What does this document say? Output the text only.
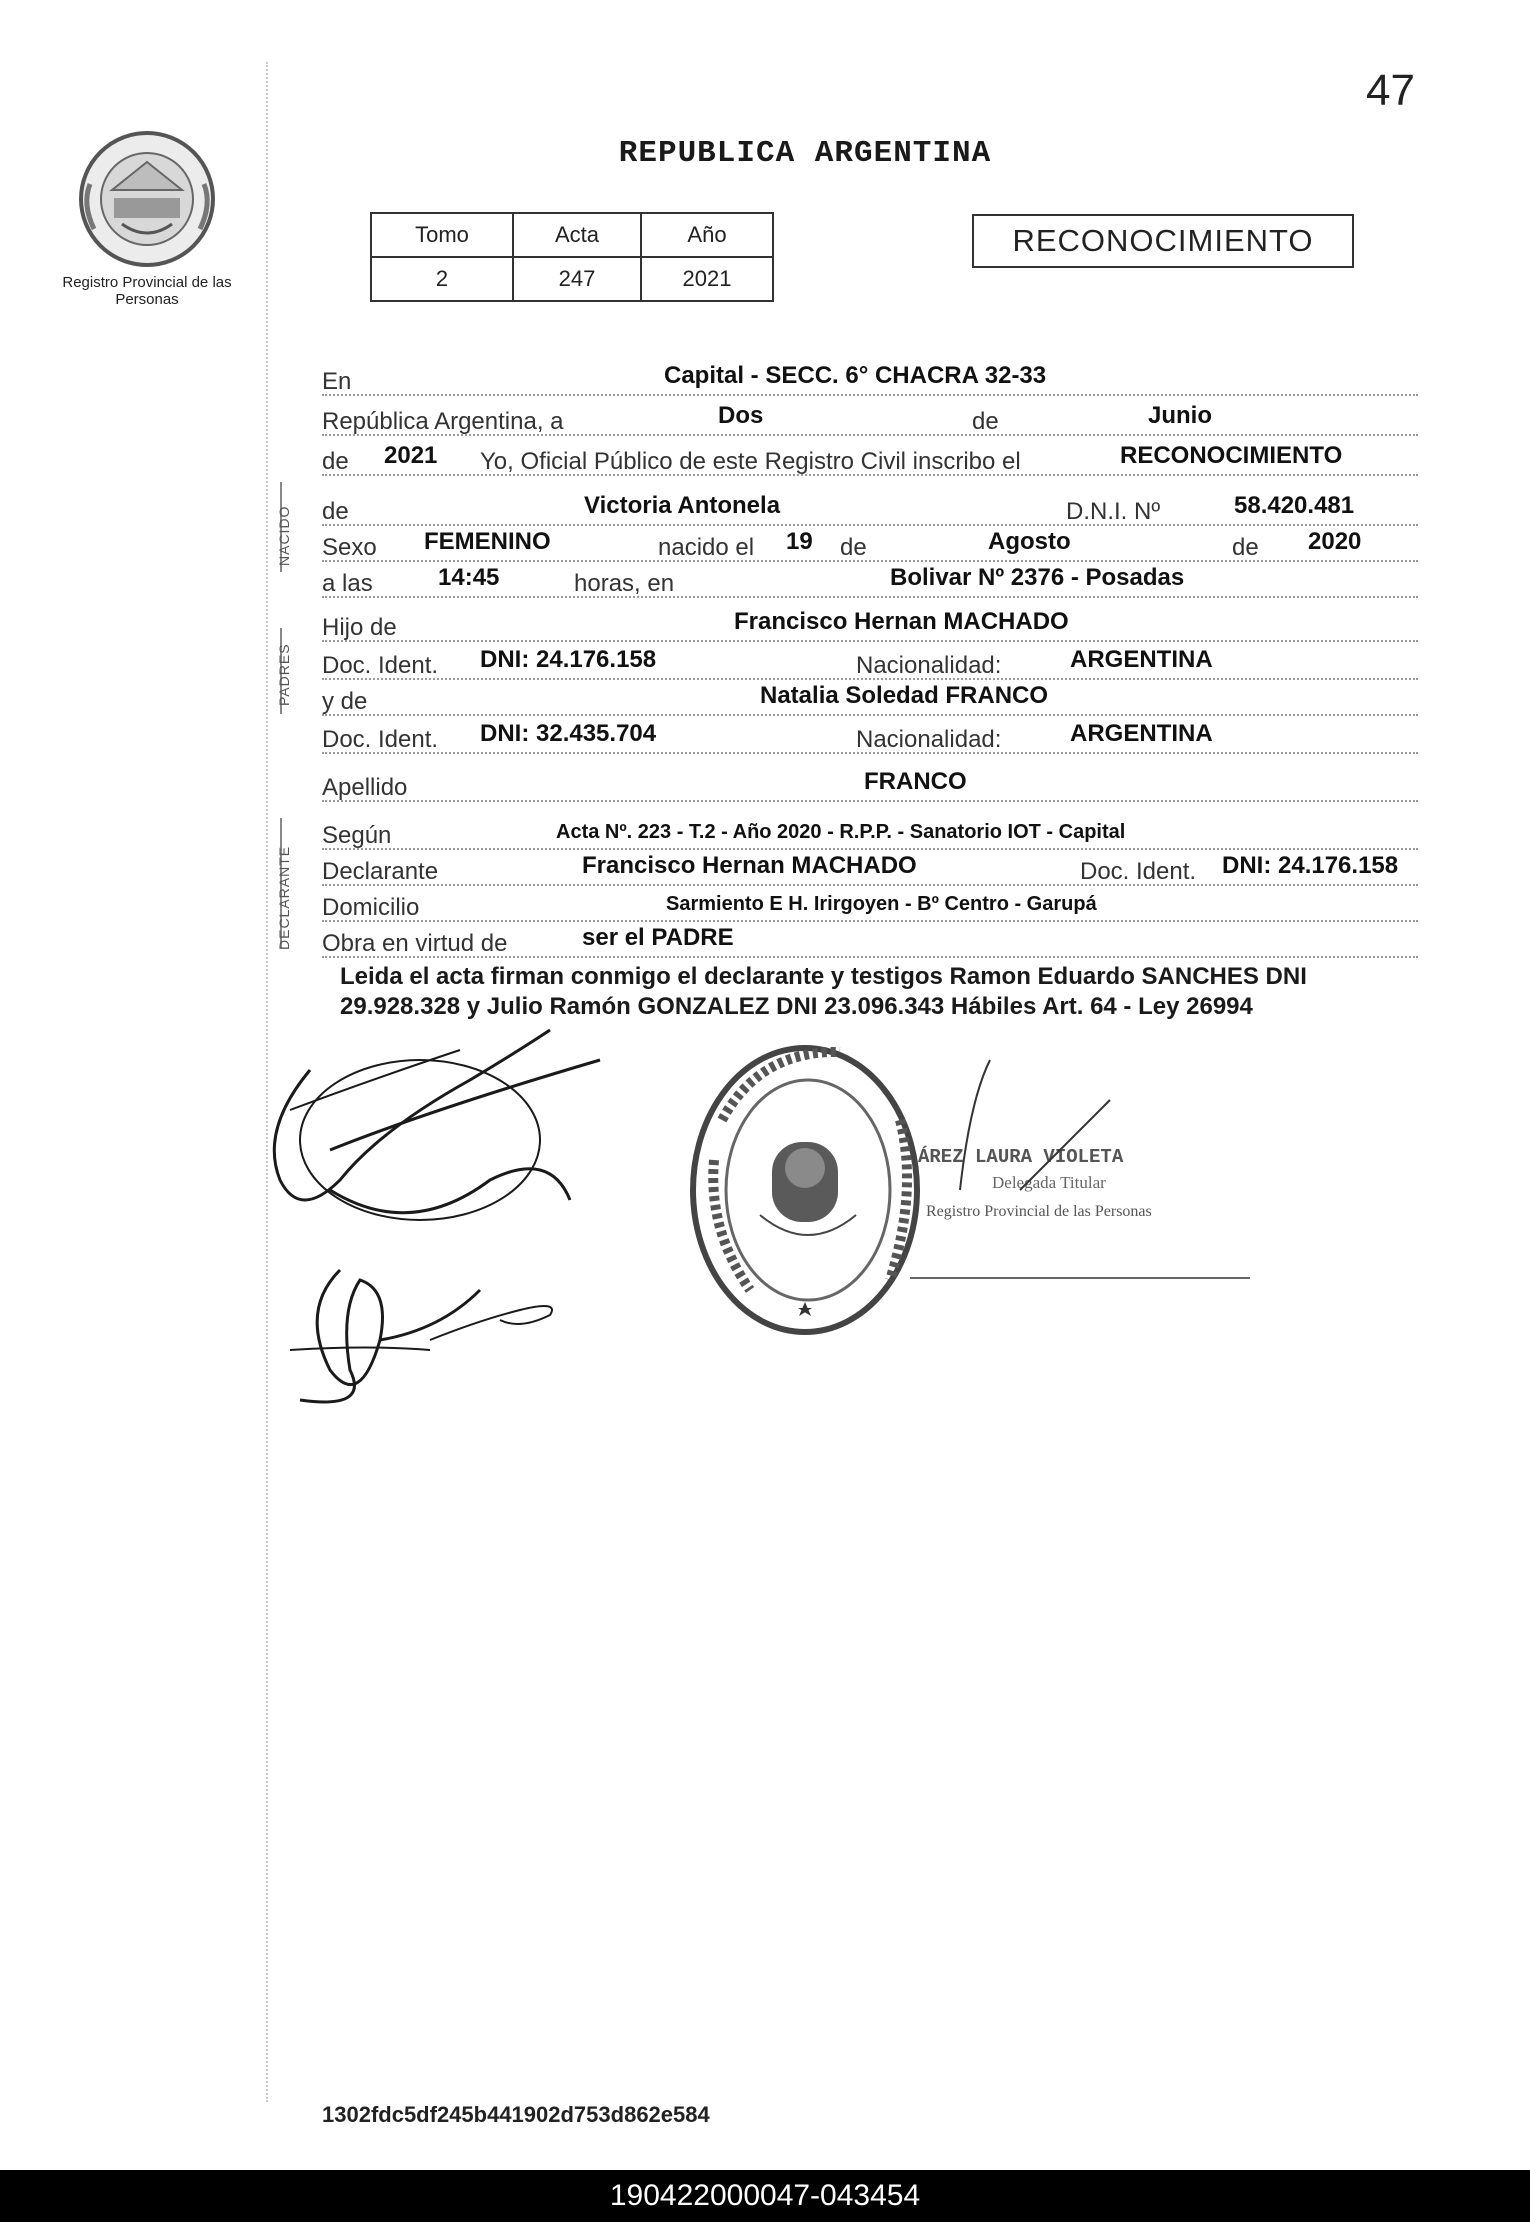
47
Registro Provincial de las Personas
REPUBLICA ARGENTINA
Tomo	Acta	Año
2	247	2021
RECONOCIMIENTO
NACIDO
PADRES
DECLARANTE
En	Capital - SECC. 6° CHACRA 32-33
República Argentina, a	Dos	de	Junio
de 2021 Yo, Oficial Público de este Registro Civil inscribo el	RECONOCIMIENTO
de	Victoria Antonela	D.N.I. Nº	58.420.481
Sexo FEMENINO	nacido el 19 de	Agosto	de 2020
a las	14:45	horas, en	Bolivar Nº 2376 - Posadas
Hijo de	Francisco Hernan MACHADO
Doc. Ident. DNI: 24.176.158	Nacionalidad:	ARGENTINA
y de	Natalia Soledad FRANCO
Doc. Ident. DNI: 32.435.704	Nacionalidad:	ARGENTINA
Apellido	FRANCO
Según	Acta Nº. 223 - T.2 - Año 2020 - R.P.P. - Sanatorio IOT - Capital
Declarante	Francisco Hernan MACHADO	Doc. Ident. DNI: 24.176.158
Domicilio	Sarmiento E H. Irirgoyen - Bº Centro - Garupá
Obra en virtud de	ser el PADRE
Leida el acta firman conmigo el declarante y testigos Ramon Eduardo SANCHES DNI 29.928.328 y Julio Ramón GONZALEZ DNI 23.096.343 Hábiles Art. 64 - Ley 26994
ÁREZ LAURA VIOLETA
Delegada Titular
Registro Provincial de las Personas
1302fdc5df245b441902d753d862e584
190422000047-043454
